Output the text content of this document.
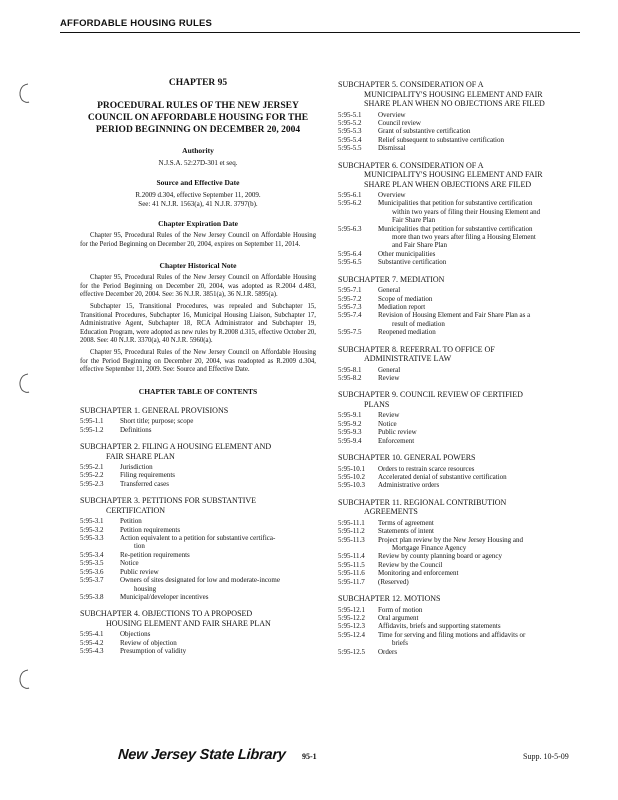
AFFORDABLE HOUSING RULES
CHAPTER 95
PROCEDURAL RULES OF THE NEW JERSEY
COUNCIL ON AFFORDABLE HOUSING FOR THE
PERIOD BEGINNING ON DECEMBER 20, 2004
Authority
N.J.S.A. 52:27D-301 et seq.
Source and Effective Date
R.2009 d.304, effective September 11, 2009.
See: 41 N.J.R. 1563(a), 41 N.J.R. 3797(b).
Chapter Expiration Date
Chapter 95, Procedural Rules of the New Jersey Council on Affordable Housing for the Period Beginning on December 20, 2004, expires on September 11, 2014.
Chapter Historical Note
Chapter 95, Procedural Rules of the New Jersey Council on Affordable Housing for the Period Beginning on December 20, 2004, was adopted as R.2004 d.483, effective December 20, 2004. See: 36 N.J.R. 3851(a), 36 N.J.R. 5895(a).
Subchapter 15, Transitional Procedures, was repealed and Subchapter 15, Transitional Procedures, Subchapter 16, Municipal Housing Liaison, Subchapter 17, Administrative Agent, Subchapter 18, RCA Administrator and Subchapter 19, Education Program, were adopted as new rules by R.2008 d.315, effective October 20, 2008. See: 40 N.J.R. 3370(a), 40 N.J.R. 5960(a).
Chapter 95, Procedural Rules of the New Jersey Council on Affordable Housing for the Period Beginning on December 20, 2004, was readopted as R.2009 d.304, effective September 11, 2009. See: Source and Effective Date.
CHAPTER TABLE OF CONTENTS
SUBCHAPTER 1. GENERAL PROVISIONS
5:95-1.1	Short title; purpose; scope
5:95-1.2	Definitions
SUBCHAPTER 2. FILING A HOUSING ELEMENT AND
FAIR SHARE PLAN
5:95-2.1	Jurisdiction
5:95-2.2	Filing requirements
5:95-2.3	Transferred cases
SUBCHAPTER 3. PETITIONS FOR SUBSTANTIVE
CERTIFICATION
5:95-3.1	Petition
5:95-3.2	Petition requirements
5:95-3.3	Action equivalent to a petition for substantive certifica-
tion
5:95-3.4	Re-petition requirements
5:95-3.5	Notice
5:95-3.6	Public review
5:95-3.7	Owners of sites designated for low and moderate-income
housing
5:95-3.8	Municipal/developer incentives
SUBCHAPTER 4. OBJECTIONS TO A PROPOSED
HOUSING ELEMENT AND FAIR SHARE PLAN
5:95-4.1	Objections
5:95-4.2	Review of objection
5:95-4.3	Presumption of validity
SUBCHAPTER 5. CONSIDERATION OF A
MUNICIPALITY'S HOUSING ELEMENT AND FAIR
SHARE PLAN WHEN NO OBJECTIONS ARE FILED
5:95-5.1	Overview
5:95-5.2	Council review
5:95-5.3	Grant of substantive certification
5:95-5.4	Relief subsequent to substantive certification
5:95-5.5	Dismissal
SUBCHAPTER 6. CONSIDERATION OF A
MUNICIPALITY'S HOUSING ELEMENT AND FAIR
SHARE PLAN WHEN OBJECTIONS ARE FILED
5:95-6.1	Overview
5:95-6.2	Municipalities that petition for substantive certification
within two years of filing their Housing Element and
Fair Share Plan
5:95-6.3	Municipalities that petition for substantive certification
more than two years after filing a Housing Element
and Fair Share Plan
5:95-6.4	Other municipalities
5:95-6.5	Substantive certification
SUBCHAPTER 7. MEDIATION
5:95-7.1	General
5:95-7.2	Scope of mediation
5:95-7.3	Mediation report
5:95-7.4	Revision of Housing Element and Fair Share Plan as a
result of mediation
5:95-7.5	Reopened mediation
SUBCHAPTER 8. REFERRAL TO OFFICE OF
ADMINISTRATIVE LAW
5:95-8.1	General
5:95-8.2	Review
SUBCHAPTER 9. COUNCIL REVIEW OF CERTIFIED
PLANS
5:95-9.1	Review
5:95-9.2	Notice
5:95-9.3	Public review
5:95-9.4	Enforcement
SUBCHAPTER 10. GENERAL POWERS
5:95-10.1	Orders to restrain scarce resources
5:95-10.2	Accelerated denial of substantive certification
5:95-10.3	Administrative orders
SUBCHAPTER 11. REGIONAL CONTRIBUTION
AGREEMENTS
5:95-11.1	Terms of agreement
5:95-11.2	Statements of intent
5:95-11.3	Project plan review by the New Jersey Housing and
Mortgage Finance Agency
5:95-11.4	Review by county planning board or agency
5:95-11.5	Review by the Council
5:95-11.6	Monitoring and enforcement
5:95-11.7	(Reserved)
SUBCHAPTER 12. MOTIONS
5:95-12.1	Form of motion
5:95-12.2	Oral argument
5:95-12.3	Affidavits, briefs and supporting statements
5:95-12.4	Time for serving and filing motions and affidavits or
briefs
5:95-12.5	Orders
New Jersey State Library 95-1	Supp. 10-5-09
